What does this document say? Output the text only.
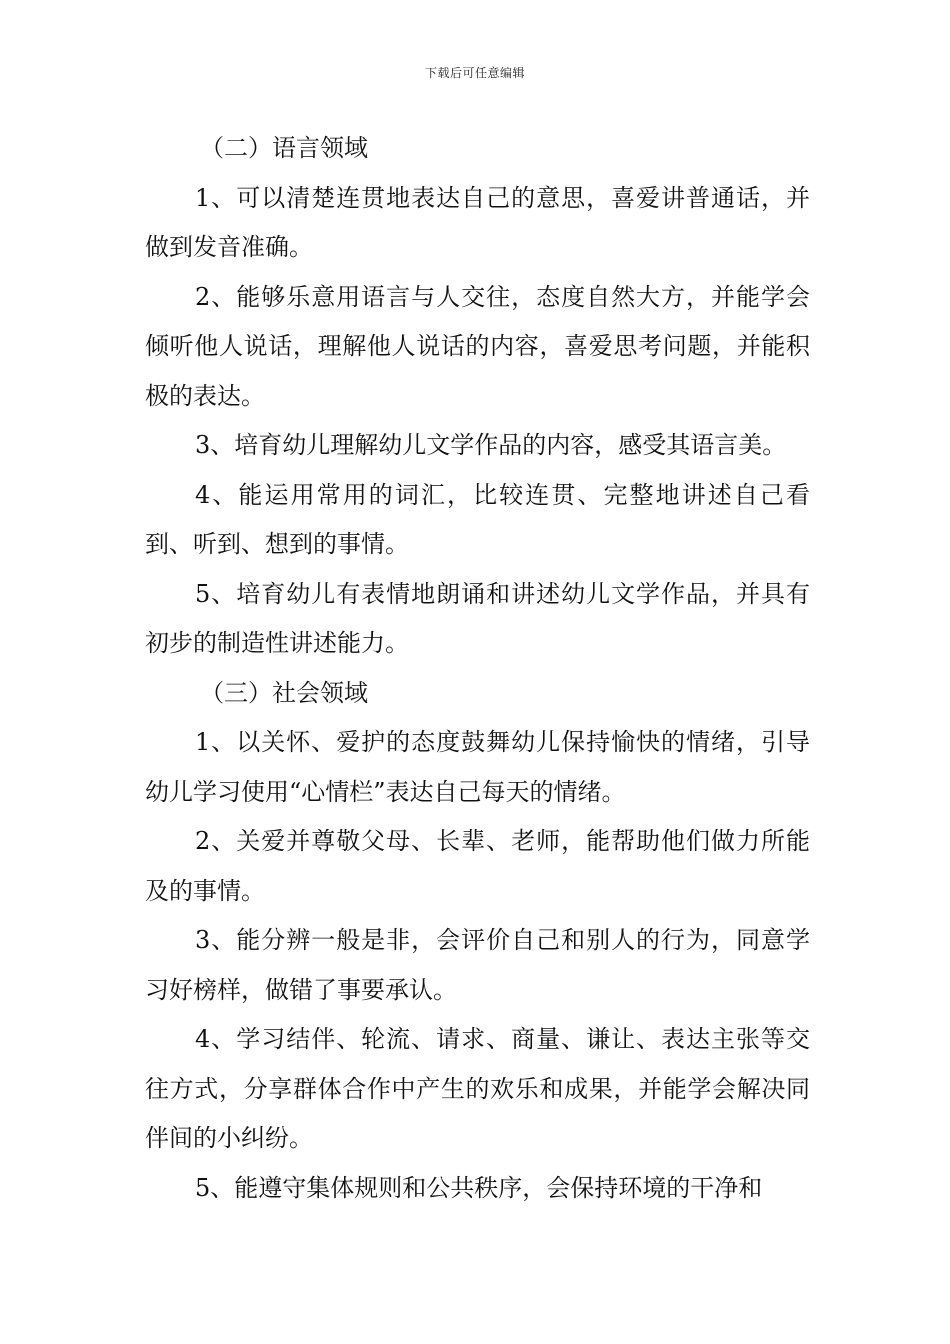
下载后可任意编辑

（二）语言领域

1、可以清楚连贯地表达自己的意思，喜爱讲普通话，并做到发音准确。

2、能够乐意用语言与人交往，态度自然大方，并能学会倾听他人说话，理解他人说话的内容，喜爱思考问题，并能积极的表达。

3、培育幼儿理解幼儿文学作品的内容，感受其语言美。

4、能运用常用的词汇，比较连贯、完整地讲述自己看到、听到、想到的事情。

5、培育幼儿有表情地朗诵和讲述幼儿文学作品，并具有初步的制造性讲述能力。

（三）社会领域

1、以关怀、爱护的态度鼓舞幼儿保持愉快的情绪，引导幼儿学习使用“心情栏”表达自己每天的情绪。

2、关爱并尊敬父母、长辈、老师，能帮助他们做力所能及的事情。

3、能分辨一般是非，会评价自己和别人的行为，同意学习好榜样，做错了事要承认。

4、学习结伴、轮流、请求、商量、谦让、表达主张等交往方式，分享群体合作中产生的欢乐和成果，并能学会解决同伴间的小纠纷。

5、能遵守集体规则和公共秩序，会保持环境的干净和
